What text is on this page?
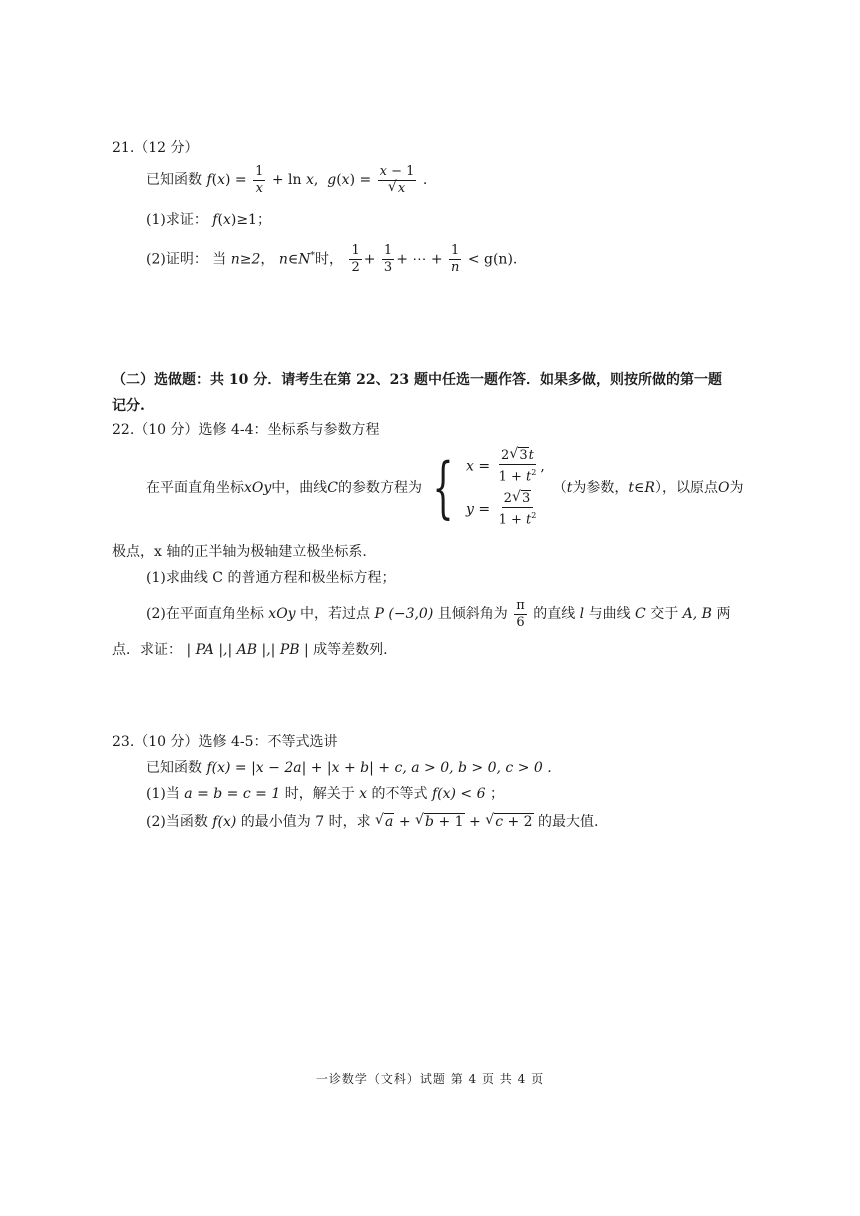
21.（12 分）
已知函数 $f(x) = \frac{1}{x} + \ln x$,  g(x) = x − 1
√ x .
(1)求证： f(x)≥1；
(2)证明： 当 n≥2， n∈N*时， $\frac{1}{2} + \frac{1}{3}$ + ⋯ + $\frac{1}{n} < g(n)$.
（二）选做题：共 10 分．请考生在第 22、23 题中任选一题作答．如果多做，则按所做的第一题
记分.
22.（10 分）选修 4-4：坐标系与参数方程
在平面直角坐标 xOy 中，曲线 C 的参数方程为 { $x = \frac{2 √ 3t}{1 + t^2}$ ,
$y = \frac{2 √ 3}{1 + t^2}$
（ t 为参数， t∈R ），以原点 O 为
极点，x 轴的正半轴为极轴建立极坐标系.
(1)求曲线 C 的普通方程和极坐标方程；
(2)在平面直角坐标 xOy 中，若过点 P (−3,0) 且倾斜角为 $\frac{\pi}{6}$ 的直线 l 与曲线 C 交于 A, B 两
点．求证： | PA |,| AB |,| PB | 成等差数列.
23.（10 分）选修 4-5：不等式选讲
已知函数 f(x) = |x − 2a| + |x + b| + c, a > 0, b > 0, c > 0 .
(1)当 a = b = c = 1 时，解关于 x 的不等式 f(x) < 6 ；
(2)当函数 f(x) 的最小值为 7 时，求 √ a + √ b + 1 + √ c + 2 的最大值.
一诊数学（文科）试题 第 4 页 共 4 页
